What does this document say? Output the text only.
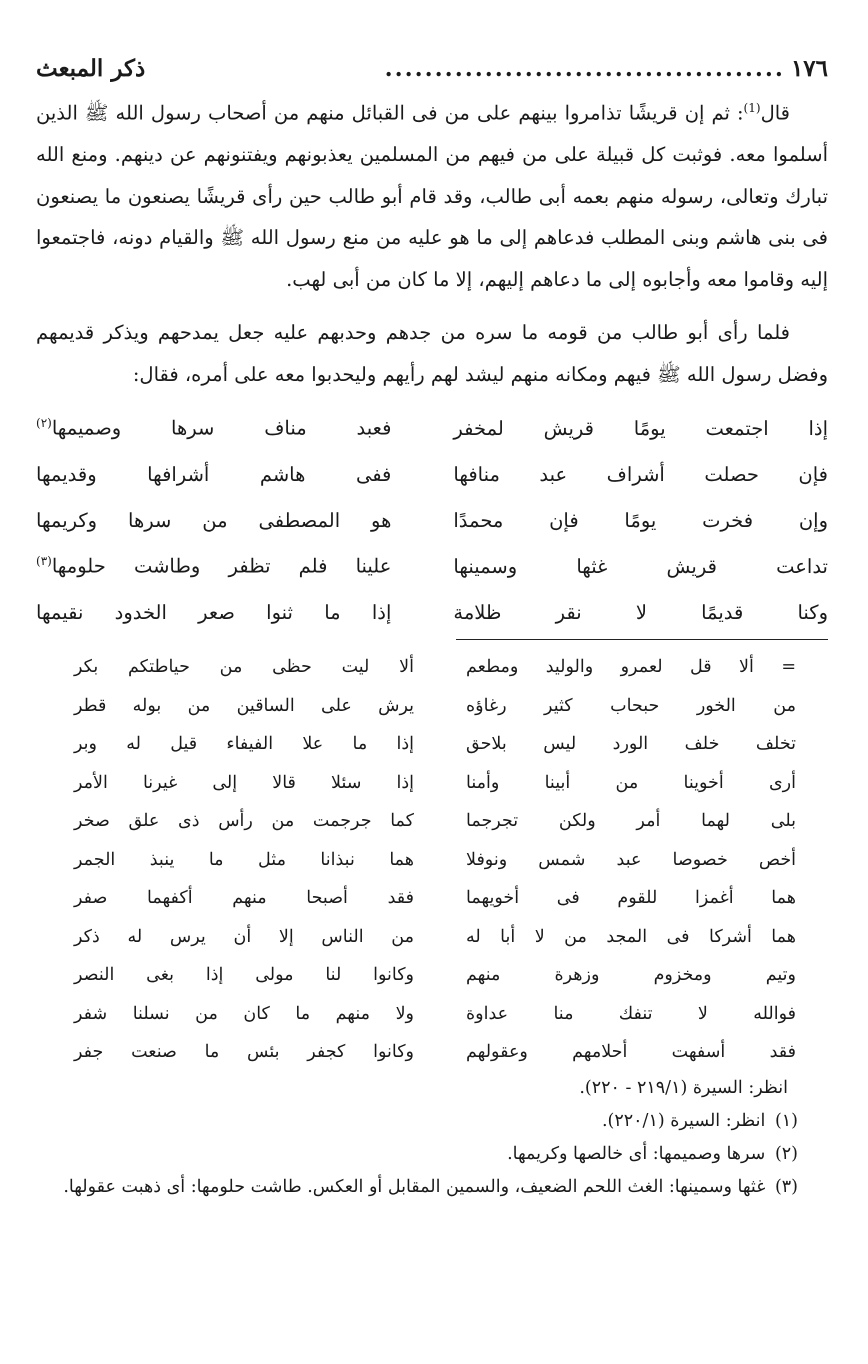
١٧٦
........................................
ذكر المبعث

قال$^{(1)}$: ثم إن قريشًا تذامروا بينهم على من فى القبائل منهم من أصحاب رسول الله ﷺ الذين أسلموا معه. فوثبت كل قبيلة على من فيهم من المسلمين يعذبونهم ويفتنونهم عن دينهم. ومنع الله تبارك وتعالى، رسوله منهم بعمه أبى طالب، وقد قام أبو طالب حين رأى قريشًا يصنعون ما يصنعون فى بنى هاشم وبنى المطلب فدعاهم إلى ما هو عليه من منع رسول الله ﷺ والقيام دونه، فاجتمعوا إليه وقاموا معه وأجابوه إلى ما دعاهم إليهم، إلا ما كان من أبى لهب.

فلما رأى أبو طالب من قومه ما سره من جدهم وحدبهم عليه جعل يمدحهم ويذكر قديمهم وفضل رسول الله ﷺ فيهم ومكانه منهم ليشد لهم رأيهم وليحدبوا معه على أمره، فقال:

إذا اجتمعت يومًا قريش لمخفر
فعبد مناف سرها وصميمها$^{(٢)}$
فإن حصلت أشراف عبد منافها
ففى هاشم أشرافها وقديمها
وإن فخرت يومًا فإن محمدًا
هو المصطفى من سرها وكريمها
تداعت قريش غثها وسمينها
علينا فلم تظفر وطاشت حلومها$^{(٣)}$
وكنا قديمًا لا نقر ظلامة
إذا ما ثنوا صعر الخدود نقيمها
= ألا قل لعمرو والوليد ومطعم
ألا ليت حظى من حياطتكم بكر
من الخور حبحاب كثير رغاؤه
يرش على الساقين من بوله قطر
تخلف خلف الورد ليس بلاحق
إذا ما علا الفيفاء قيل له وبر
أرى أخوينا من أبينا وأمنا
إذا سئلا قالا إلى غيرنا الأمر
بلى لهما أمر ولكن تجرجما
كما جرجمت من رأس ذى علق صخر
أخص خصوصا عبد شمس ونوفلا
هما نبذانا مثل ما ينبذ الجمر
هما أغمزا للقوم فى أخويهما
فقد أصبحا منهم أكفهما صفر
هما أشركا فى المجد من لا أبا له
من الناس إلا أن يرس له ذكر
وتيم ومخزوم وزهرة منهم
وكانوا لنا مولى إذا بغى النصر
فوالله لا تنفك منا عداوة
ولا منهم ما كان من نسلنا شفر
فقد أسفهت أحلامهم وعقولهم
وكانوا كجفر بئس ما صنعت جفر

انظر: السيرة (٢١٩/١ - ٢٢٠).

(١) انظر: السيرة (٢٢٠/١).

(٢) سرها وصميمها: أى خالصها وكريمها.

(٣) غثها وسمينها: الغث اللحم الضعيف، والسمين المقابل أو العكس. طاشت حلومها: أى ذهبت عقولها.
